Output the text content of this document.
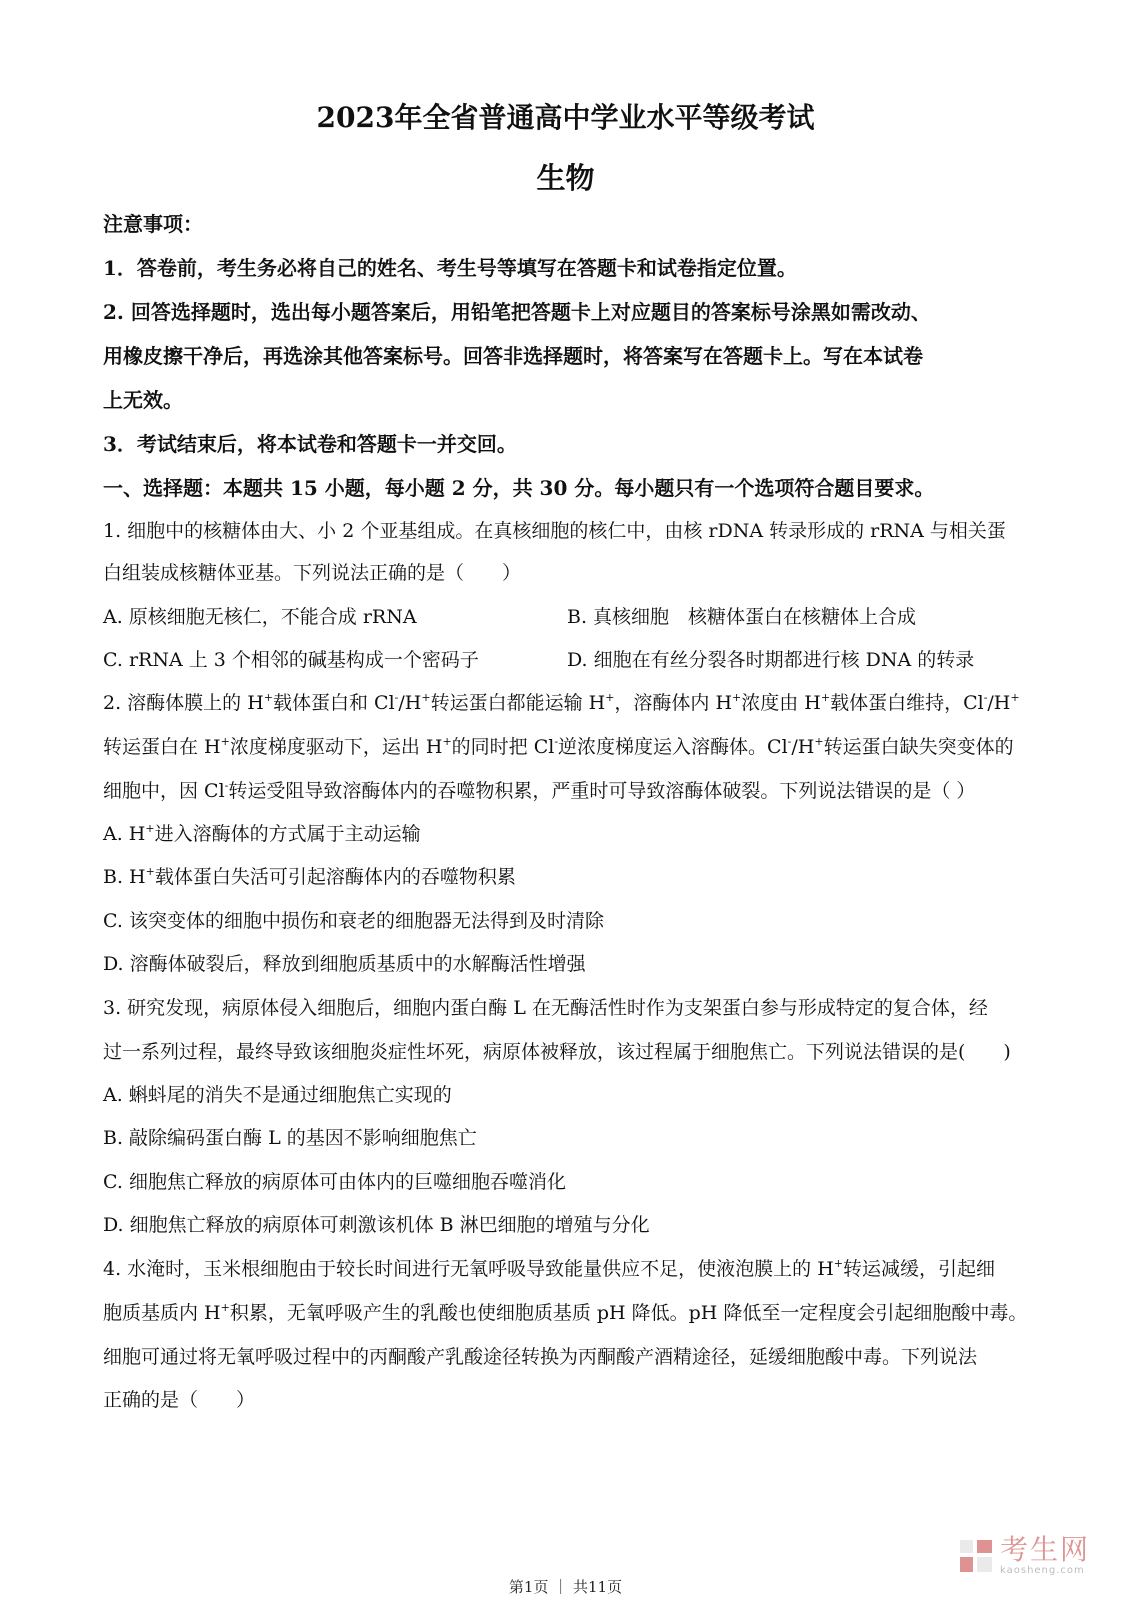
2023年全省普通高中学业水平等级考试
生物
注意事项：
1．答卷前，考生务必将自己的姓名、考生号等填写在答题卡和试卷指定位置。
2. 回答选择题时，选出每小题答案后，用铅笔把答题卡上对应题目的答案标号涂黑如需改动、
用橡皮擦干净后，再选涂其他答案标号。回答非选择题时，将答案写在答题卡上。写在本试卷
上无效。
3．考试结束后，将本试卷和答题卡一并交回。
一、选择题：本题共 15 小题，每小题 2 分，共 30 分。每小题只有一个选项符合题目要求。
1. 细胞中的核糖体由大、小 2 个亚基组成。在真核细胞的核仁中，由核 rDNA 转录形成的 rRNA 与相关蛋
白组装成核糖体亚基。下列说法正确的是（　　）
A. 原核细胞无核仁，不能合成 rRNA	B. 真核细胞　核糖体蛋白在核糖体上合成
C. rRNA 上 3 个相邻的碱基构成一个密码子	D. 细胞在有丝分裂各时期都进行核 DNA 的转录
2. 溶酶体膜上的 H+载体蛋白和 Cl-/H+转运蛋白都能运输 H+，溶酶体内 H+浓度由 H+载体蛋白维持，Cl-/H+
转运蛋白在 H+浓度梯度驱动下，运出 H+的同时把 Cl-逆浓度梯度运入溶酶体。Cl-/H+转运蛋白缺失突变体的
细胞中，因 Cl-转运受阻导致溶酶体内的吞噬物积累，严重时可导致溶酶体破裂。下列说法错误的是（ ）
A. H+进入溶酶体的方式属于主动运输
B. H+载体蛋白失活可引起溶酶体内的吞噬物积累
C. 该突变体的细胞中损伤和衰老的细胞器无法得到及时清除
D. 溶酶体破裂后，释放到细胞质基质中的水解酶活性增强
3. 研究发现，病原体侵入细胞后，细胞内蛋白酶 L 在无酶活性时作为支架蛋白参与形成特定的复合体，经
过一系列过程，最终导致该细胞炎症性坏死，病原体被释放，该过程属于细胞焦亡。下列说法错误的是(　　)
A. 蝌蚪尾的消失不是通过细胞焦亡实现的
B. 敲除编码蛋白酶 L 的基因不影响细胞焦亡
C. 细胞焦亡释放的病原体可由体内的巨噬细胞吞噬消化
D. 细胞焦亡释放的病原体可刺激该机体 B 淋巴细胞的增殖与分化
4. 水淹时，玉米根细胞由于较长时间进行无氧呼吸导致能量供应不足，使液泡膜上的 H+转运减缓，引起细
胞质基质内 H+积累，无氧呼吸产生的乳酸也使细胞质基质 pH 降低。pH 降低至一定程度会引起细胞酸中毒。
细胞可通过将无氧呼吸过程中的丙酮酸产乳酸途径转换为丙酮酸产酒精途径，延缓细胞酸中毒。下列说法
正确的是（　　）
考生网
kaosheng.com
第1页 ｜ 共11页
